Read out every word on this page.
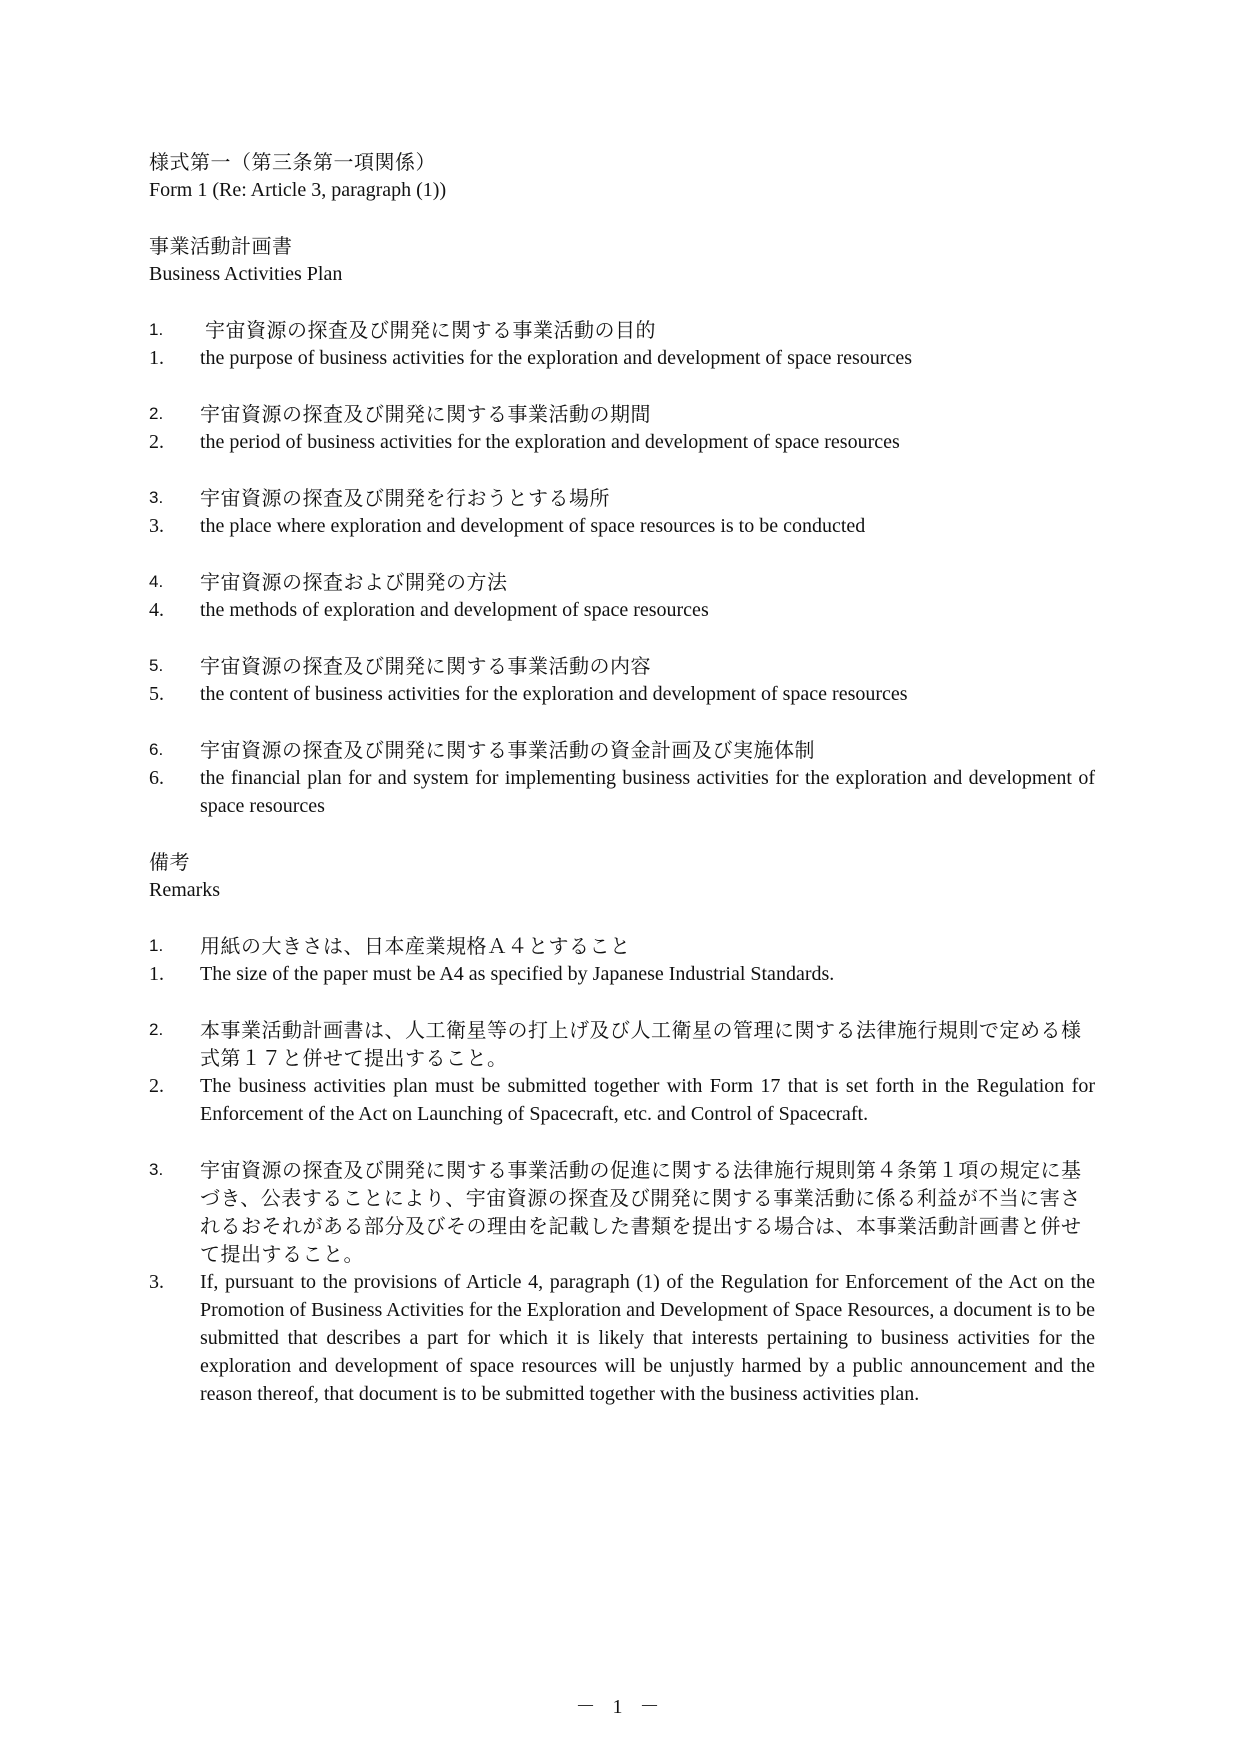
様式第一（第三条第一項関係）
Form 1 (Re: Article 3, paragraph (1))
事業活動計画書
Business Activities Plan
1.	宇宙資源の探査及び開発に関する事業活動の目的
1.	the purpose of business activities for the exploration and development of space resources
2.	宇宙資源の探査及び開発に関する事業活動の期間
2.	the period of business activities for the exploration and development of space resources
3.	宇宙資源の探査及び開発を行おうとする場所
3.	the place where exploration and development of space resources is to be conducted
4.	宇宙資源の探査および開発の方法
4.	the methods of exploration and development of space resources
5.	宇宙資源の探査及び開発に関する事業活動の内容
5.	the content of business activities for the exploration and development of space resources
6.	宇宙資源の探査及び開発に関する事業活動の資金計画及び実施体制
6.	the financial plan for and system for implementing business activities for the exploration and development of space resources
備考
Remarks
1.	用紙の大きさは、日本産業規格Ａ４とすること
1.	The size of the paper must be A4 as specified by Japanese Industrial Standards.
2.	本事業活動計画書は、人工衛星等の打上げ及び人工衛星の管理に関する法律施行規則で定める様式第１７と併せて提出すること。
2.	The business activities plan must be submitted together with Form 17 that is set forth in the Regulation for Enforcement of the Act on Launching of Spacecraft, etc. and Control of Spacecraft.
3.	宇宙資源の探査及び開発に関する事業活動の促進に関する法律施行規則第４条第１項の規定に基づき、公表することにより、宇宙資源の探査及び開発に関する事業活動に係る利益が不当に害されるおそれがある部分及びその理由を記載した書類を提出する場合は、本事業活動計画書と併せて提出すること。
3.	If, pursuant to the provisions of Article 4, paragraph (1) of the Regulation for Enforcement of the Act on the Promotion of Business Activities for the Exploration and Development of Space Resources, a document is to be submitted that describes a part for which it is likely that interests pertaining to business activities for the exploration and development of space resources will be unjustly harmed by a public announcement and the reason thereof, that document is to be submitted together with the business activities plan.
－ 1 －
